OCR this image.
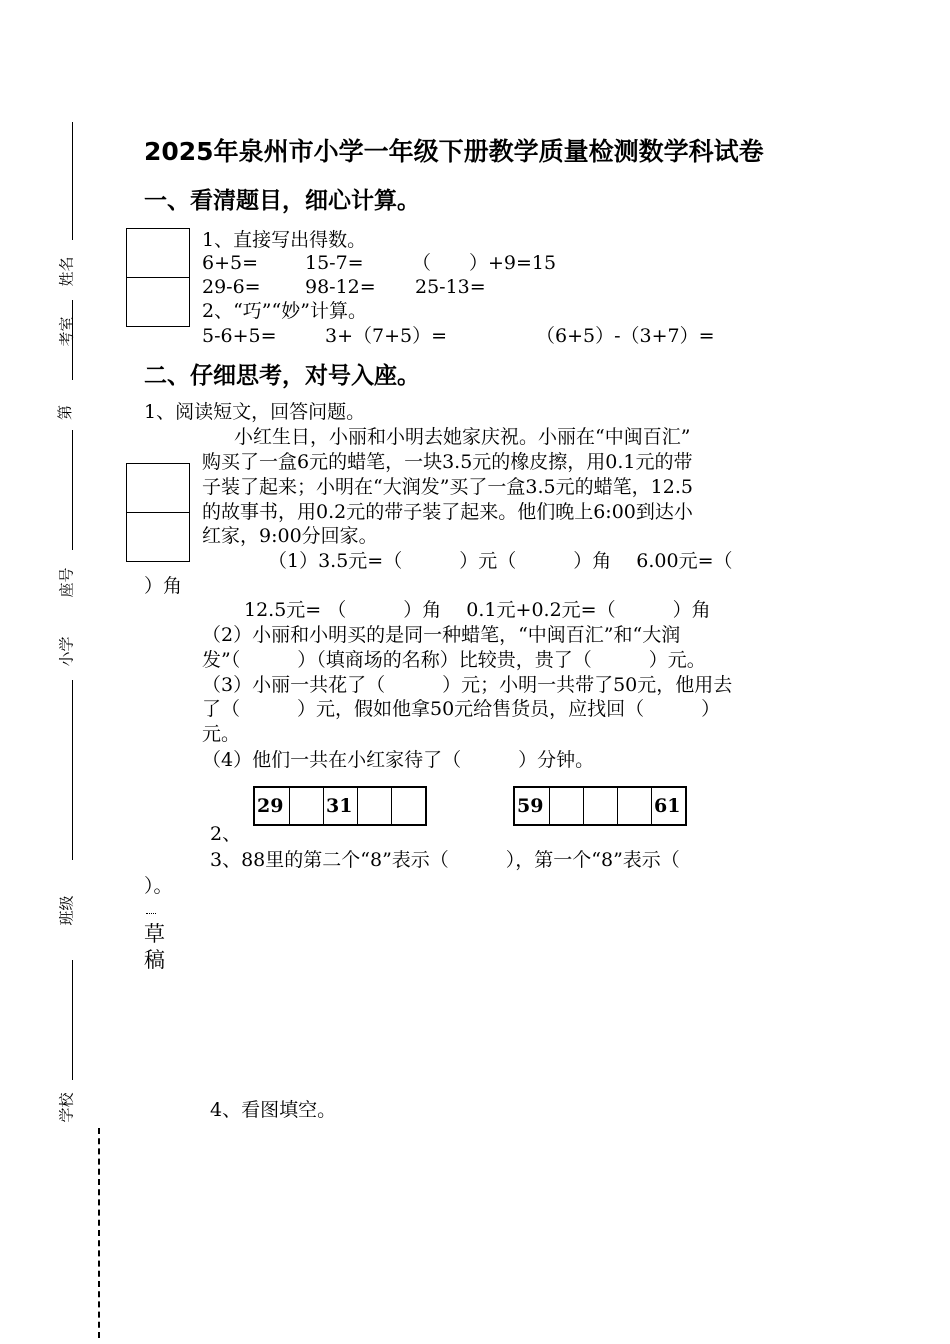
姓名
考室
第
座号
小学
班级
学校
2025年泉州市小学一年级下册教学质量检测数学科试卷
一、看清题目，细心计算。
1、直接写出得数。
6+5= 15-7=	（　　）+9=15
29-6= 98-12= 25-13=
2、“巧”“妙”计算。
5-6+5=	3+（7+5）=	（6+5）-（3+7）=
二、仔细思考，对号入座。
1、阅读短文，回答问题。
小红生日，小丽和小明去她家庆祝。小丽在“中闽百汇”
购买了一盒6元的蜡笔，一块3.5元的橡皮擦，用0.1元的带
子装了起来；小明在“大润发”买了一盒3.5元的蜡笔，12.5
的故事书，用0.2元的带子装了起来。他们晚上6:00到达小
红家，9:00分回家。
（1）3.5元=（　　　）元（　　　）角　 6.00元=（
）角
12.5元= （　　　）角　 0.1元+0.2元=（　　　）角
（2）小丽和小明买的是同一种蜡笔，“中闽百汇”和“大润
发”（　　　）（填商场的名称）比较贵，贵了（　　　）元。
（3）小丽一共花了（　　　）元；小明一共带了50元，他用去
了（　　　）元，假如他拿50元给售货员，应找回（　　　）
元。
（4）他们一共在小红家待了（　　　）分钟。
29 31	59	61
2、
3、88里的第二个“8”表示（　　　），第一个“8”表示（
）。
草
稿
4、看图填空。
